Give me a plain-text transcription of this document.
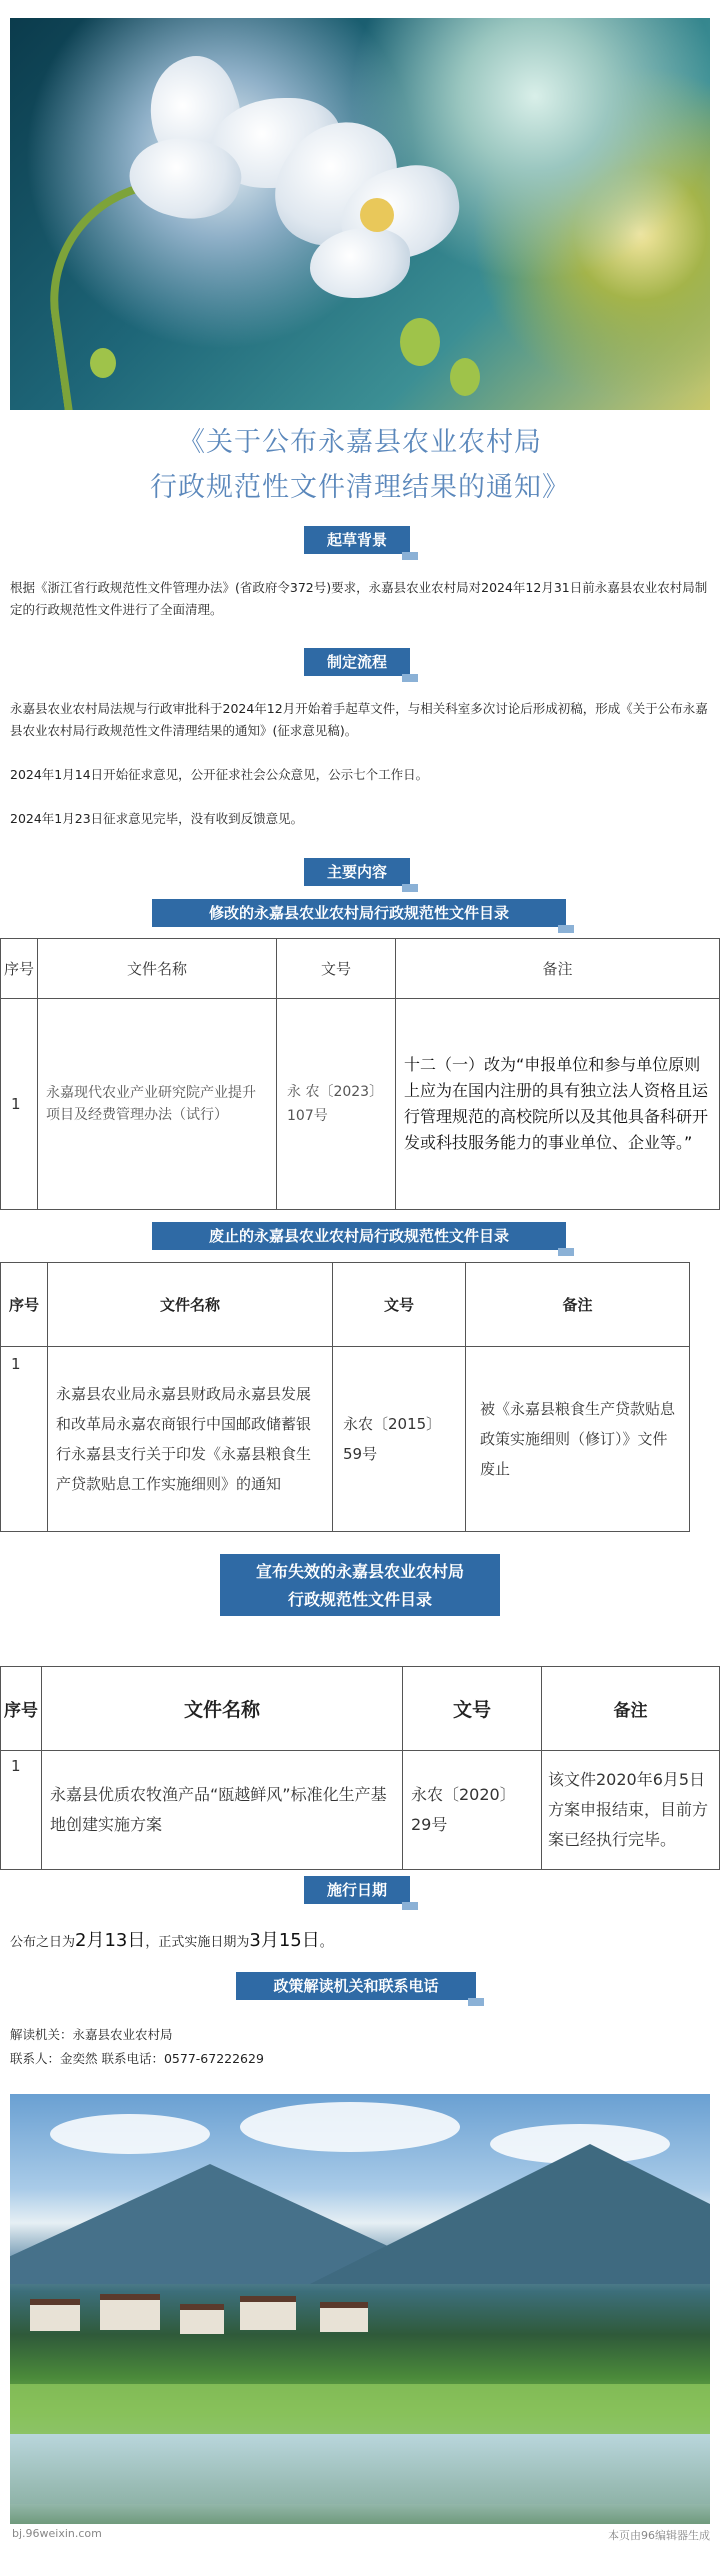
《关于公布永嘉县农业农村局
行政规范性文件清理结果的通知》
起草背景
根据《浙江省行政规范性文件管理办法》(省政府令372号)要求，永嘉县农业农村局对2024年12月31日前永嘉县农业农村局制定的行政规范性文件进行了全面清理。
制定流程
永嘉县农业农村局法规与行政审批科于2024年12月开始着手起草文件，与相关科室多次讨论后形成初稿，形成《关于公布永嘉县农业农村局行政规范性文件清理结果的通知》(征求意见稿)。
2024年1月14日开始征求意见，公开征求社会公众意见，公示七个工作日。
2024年1月23日征求意见完毕，没有收到反馈意见。
主要内容
修改的永嘉县农业农村局行政规范性文件目录
序号	文件名称	文号	备注
1	永嘉现代农业产业研究院产业提升项目及经费管理办法（试行）	永 农〔2023〕107号	十二（一）改为“申报单位和参与单位原则上应为在国内注册的具有独立法人资格且运行管理规范的高校院所以及其他具备科研开发或科技服务能力的事业单位、企业等。”
废止的永嘉县农业农村局行政规范性文件目录
序号	文件名称	文号	备注
1	永嘉县农业局永嘉县财政局永嘉县发展和改革局永嘉农商银行中国邮政储蓄银行永嘉县支行关于印发《永嘉县粮食生产贷款贴息工作实施细则》的通知	永农〔2015〕59号	被《永嘉县粮食生产贷款贴息政策实施细则（修订）》文件废止
宣布失效的永嘉县农业农村局
行政规范性文件目录
序号	文件名称	文号	备注
1	永嘉县优质农牧渔产品“瓯越鲜风”标准化生产基地创建实施方案	永农〔2020〕29号	该文件2020年6月5日方案申报结束，目前方案已经执行完毕。
施行日期
公布之日为2月13日，正式实施日期为3月15日。
政策解读机关和联系电话
解读机关：永嘉县农业农村局
联系人：金奕然 联系电话：0577-67222629
bj.96weixin.com	本页由96编辑器生成
